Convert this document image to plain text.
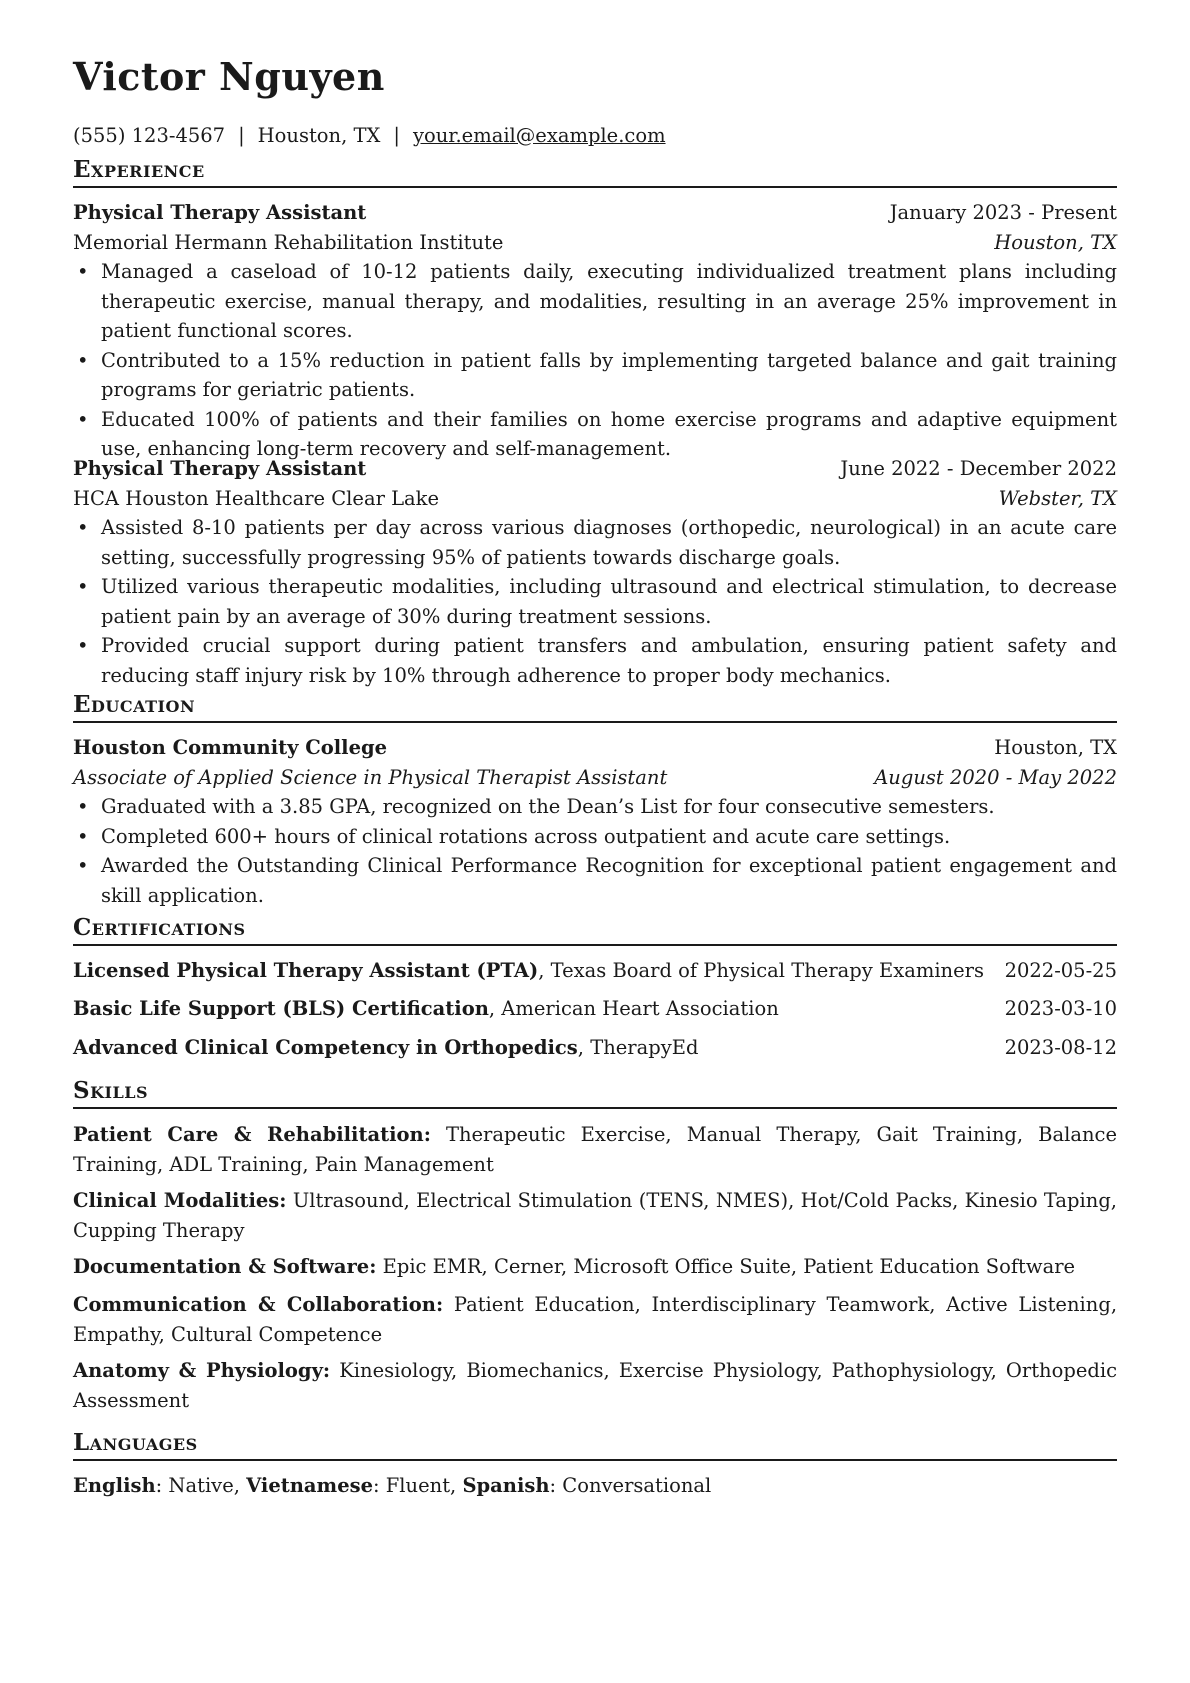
Victor Nguyen
(555) 123-4567 | Houston, TX | your.email@example.com
Experience
Physical Therapy Assistant	January 2023 - Present
Memorial Hermann Rehabilitation Institute	Houston, TX
• Managed a caseload of 10-12 patients daily, executing individualized treatment plans including therapeutic exercise, manual therapy, and modalities, resulting in an average 25% improvement in patient functional scores.
• Contributed to a 15% reduction in patient falls by implementing targeted balance and gait training programs for geriatric patients.
• Educated 100% of patients and their families on home exercise programs and adaptive equipment use, enhancing long-term recovery and self-management.
Physical Therapy Assistant	June 2022 - December 2022
HCA Houston Healthcare Clear Lake	Webster, TX
• Assisted 8-10 patients per day across various diagnoses (orthopedic, neurological) in an acute care setting, successfully progressing 95% of patients towards discharge goals.
• Utilized various therapeutic modalities, including ultrasound and electrical stimulation, to decrease patient pain by an average of 30% during treatment sessions.
• Provided crucial support during patient transfers and ambulation, ensuring patient safety and reducing staff injury risk by 10% through adherence to proper body mechanics.
Education
Houston Community College	Houston, TX
Associate of Applied Science in Physical Therapist Assistant	August 2020 - May 2022
• Graduated with a 3.85 GPA, recognized on the Dean’s List for four consecutive semesters.
• Completed 600+ hours of clinical rotations across outpatient and acute care settings.
• Awarded the Outstanding Clinical Performance Recognition for exceptional patient engagement and skill application.
Certifications
Licensed Physical Therapy Assistant (PTA), Texas Board of Physical Therapy Examiners 2022-05-25
Basic Life Support (BLS) Certification, American Heart Association	2023-03-10
Advanced Clinical Competency in Orthopedics, TherapyEd	2023-08-12
Skills
Patient Care & Rehabilitation: Therapeutic Exercise, Manual Therapy, Gait Training, Balance Training, ADL Training, Pain Management
Clinical Modalities: Ultrasound, Electrical Stimulation (TENS, NMES), Hot/Cold Packs, Kinesio Taping, Cupping Therapy
Documentation & Software: Epic EMR, Cerner, Microsoft Office Suite, Patient Education Software
Communication & Collaboration: Patient Education, Interdisciplinary Teamwork, Active Listening, Empathy, Cultural Competence
Anatomy & Physiology: Kinesiology, Biomechanics, Exercise Physiology, Pathophysiology, Orthopedic Assessment
Languages
English: Native, Vietnamese: Fluent, Spanish: Conversational
